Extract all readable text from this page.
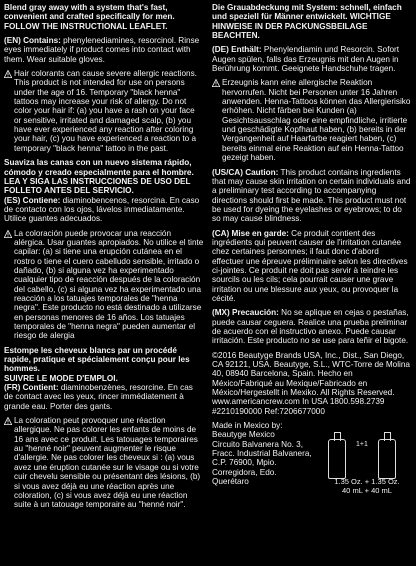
Blend gray away with a system that's fast, convenient and crafted specifically for men. FOLLOW THE INSTRUCTIONAL LEAFLET.
(EN) Contains: phenylenediamines, resorcinol. Rinse eyes immediately if product comes into contact with them. Wear suitable gloves.
Hair colorants can cause severe allergic reactions. This product is not intended for use on persons under the age of 16. Temporary "black henna" tattoos may increase your risk of allergy. Do not color your hair if: (a) you have a rash on your face or sensitive, irritated and damaged scalp, (b) you have ever experienced any reaction after coloring your hair, (c) you have experienced a reaction to a temporary "black henna" tattoo in the past.
Suaviza las canas con un nuevo sistema rápido, cómodo y creado especialmente para el hombre.
LEA Y SIGA LAS INSTRUCCIONES DE USO DEL FOLLETO ANTES DEL SERVICIO.
(ES) Contiene: diaminobencenos, resorcina. En caso de contacto con los ojos, lávelos inmediatamente. Utilice guantes adecuados.
La coloración puede provocar una reacción alérgica. Usar guantes apropiados. No utilice el tinte capilar: (a) si tiene una erupción cutánea en el rostro o tiene el cuero cabelludo sensible, irritado o dañado, (b) si alguna vez ha experimentado cualquier tipo de reacción después de la coloración del cabello, (c) si alguna vez ha experimentado una reacción a los tatuajes temporales de "henna negra". Este producto no está destinado a utilizarse en personas menores de 16 años. Los tatuajes temporales de "henna negra" pueden aumentar el riesgo de alergia
Estompe les cheveux blancs par un procédé rapide, pratique et spécialement conçu pour les hommes.
SUIVRE LE MODE D'EMPLOI.
(FR) Contient: diaminobenzènes, resorcine. En cas de contact avec les yeux, rincer immédiatement à grande eau. Porter des gants.
La coloration peut provoquer une réaction allergique. Ne pas colorer les enfants de moins de 16 ans avec ce produit. Les tatouages temporaires au "henné noir" peuvent augmenter le risque d'allergie. Ne pas colorer les cheveux si : (a) vous avez une éruption cutanée sur le visage ou si votre cuir chevelu sensible ou présentant des lésions, (b) si vous avez déjà eu une réaction après une coloration, (c) si vous avez déjà eu une réaction suite à un tatouage temporaire au "henné noir".
Die Grauabdeckung mit System: schnell, einfach und speziell für Männer entwickelt. WICHTIGE HINWEISE IN DER PACKUNGSBEILAGE BEACHTEN.
(DE) Enthält: Phenylendiamin und Resorcin. Sofort Augen spülen, falls das Erzeugnis mit den Augen in Berührung kommt. Geeignete Handschuhe tragen.
Erzeugnis kann eine allergische Reaktion hervorrufen. Nicht bei Personen unter 16 Jahren anwenden. Henna-Tattoos können das Allergierisiko erhöhen. Nicht färben bei Kunden (a) Gesichtsausschlag oder eine empfindliche, irritierte und geschädigte Kopfhaut haben, (b) bereits in der Vergangenheit auf Haarfarbe reagiert haben, (c) bereits einmal eine Reaktion auf ein Henna-Tattoo gezeigt haben.
(US/CA) Caution: This product contains ingredients that may cause skin irritation on certain individuals and a preliminary test according to accompanying directions should first be made. This product must not be used for dyeing the eyelashes or eyebrows; to do so may cause blindness.
(CA) Mise en garde: Ce produit contient des ingrédients qui peuvent causer de l'irritation cutanée chez certaines personnes; il faut donc d'abord effectuer une épreuve préliminaire selon les directives ci-jointes. Ce produit ne doit pas servir à teindre les sourcils ou les cils; cela pourrait causer une grave irritation ou une blessure aux yeux, ou provoquer la cécité.
(MX) Precaución: No se aplique en cejas o pestañas, puede causar ceguera. Realice una prueba preliminar de acuerdo con el instructivo anexo. Puede causar irritación. Este producto no se use para teñir el bigote.
©2016 Beautyge Brands USA, Inc., Dist., San Diego, CA 92121, USA. Beautyge, S.L., WTC-Torre de Molina 40, 08940 Barcelona, Spain. Hecho en México/Fabriqué au Mexique/Fabricado en México/Hergestellt in Mexiko. All Rights Reserved. www.americancrew.com In USA 1800.598.2739 #2210190000 Ref:7206677000
Made in Mexico by:
Beautyge Mexico
Circuito Balvanera No. 3,
Fracc. Industrial Balvanera,
C.P. 76900, Mpio.
Corregidora, Edo.
Querétaro
1+1
1.35 Oz. + 1.35 Oz.
40 mL + 40 mL
